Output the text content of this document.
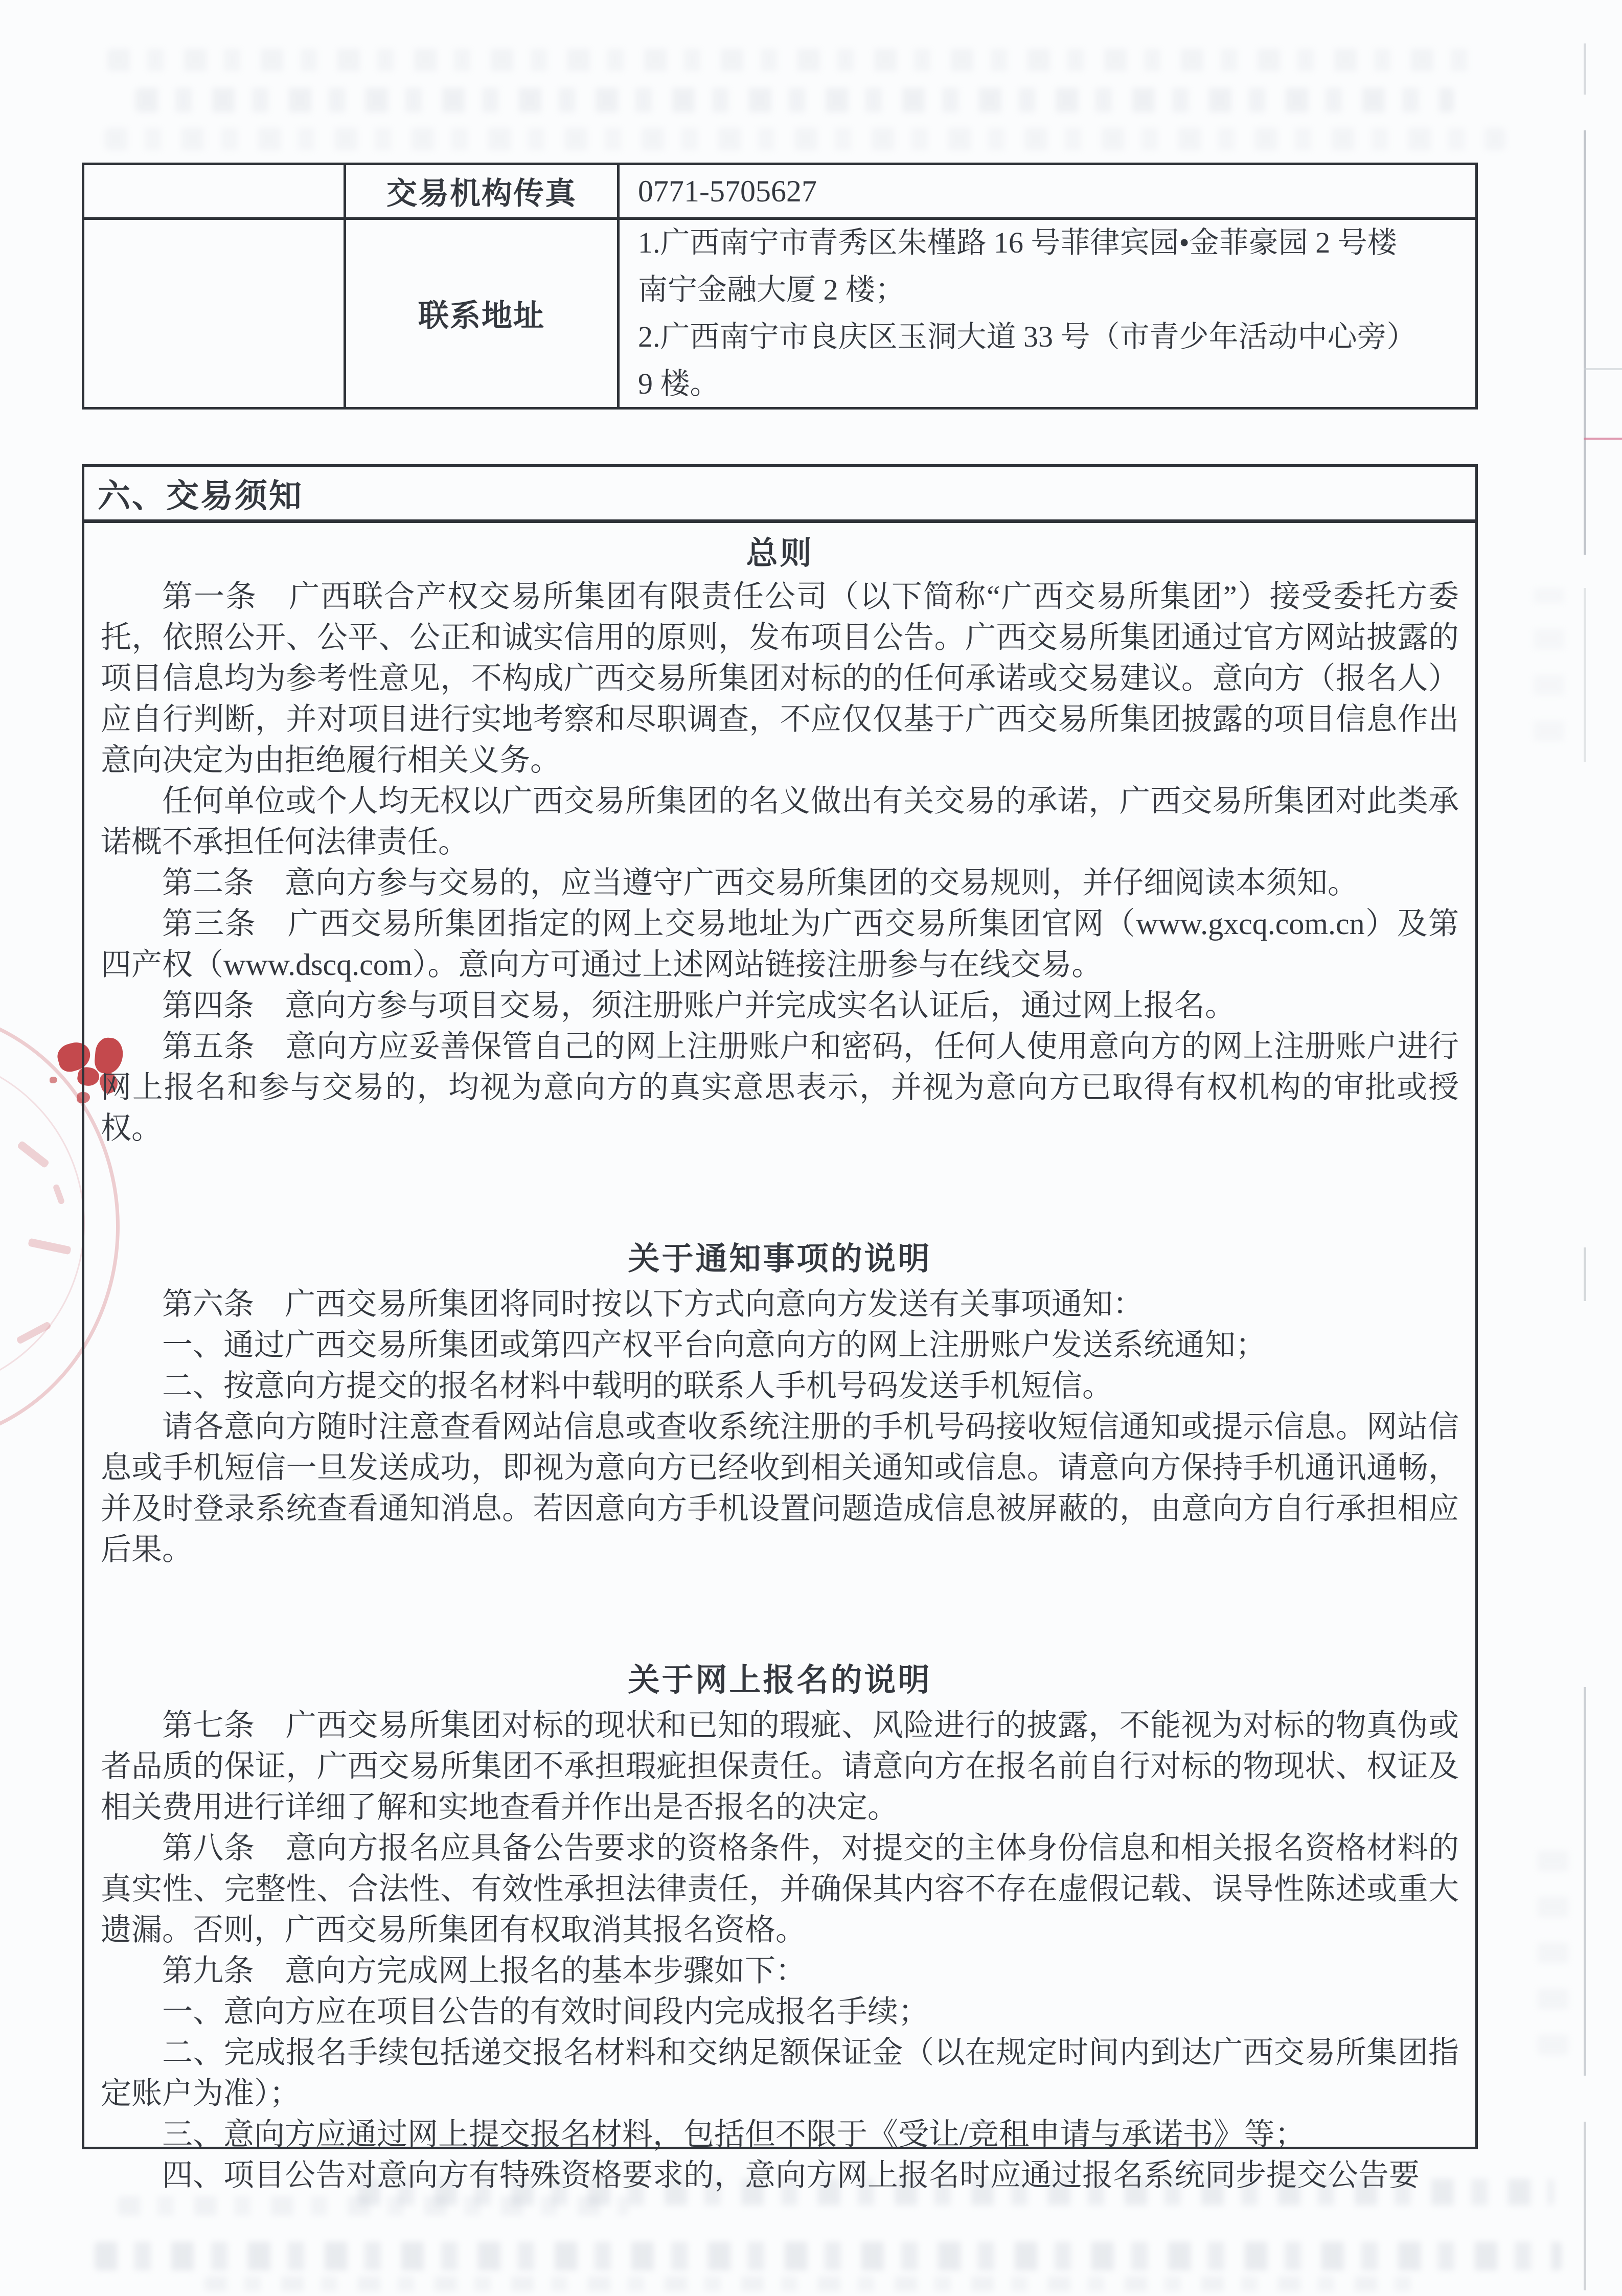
交易机构传真 0771-5705627
联系地址
1.广西南宁市青秀区朱槿路 16 号菲律宾园•金菲豪园 2 号楼
南宁金融大厦 2 楼；
2.广西南宁市良庆区玉洞大道 33 号（市青少年活动中心旁）
9 楼。
六、交易须知
总则
第一条　广西联合产权交易所集团有限责任公司（以下简称“广西交易所集团”）接受委托方委托，依照公开、公平、公正和诚实信用的原则，发布项目公告。广西交易所集团通过官方网站披露的项目信息均为参考性意见，不构成广西交易所集团对标的的任何承诺或交易建议。意向方（报名人）应自行判断，并对项目进行实地考察和尽职调查，不应仅仅基于广西交易所集团披露的项目信息作出意向决定为由拒绝履行相关义务。
任何单位或个人均无权以广西交易所集团的名义做出有关交易的承诺，广西交易所集团对此类承诺概不承担任何法律责任。
第二条　意向方参与交易的，应当遵守广西交易所集团的交易规则，并仔细阅读本须知。
第三条　广西交易所集团指定的网上交易地址为广西交易所集团官网（www.gxcq.com.cn）及第四产权（www.dscq.com）。意向方可通过上述网站链接注册参与在线交易。
第四条　意向方参与项目交易，须注册账户并完成实名认证后，通过网上报名。
第五条　意向方应妥善保管自己的网上注册账户和密码，任何人使用意向方的网上注册账户进行网上报名和参与交易的，均视为意向方的真实意思表示，并视为意向方已取得有权机构的审批或授权。
关于通知事项的说明
第六条　广西交易所集团将同时按以下方式向意向方发送有关事项通知：
一、通过广西交易所集团或第四产权平台向意向方的网上注册账户发送系统通知；
二、按意向方提交的报名材料中载明的联系人手机号码发送手机短信。
请各意向方随时注意查看网站信息或查收系统注册的手机号码接收短信通知或提示信息。网站信息或手机短信一旦发送成功，即视为意向方已经收到相关通知或信息。请意向方保持手机通讯通畅，并及时登录系统查看通知消息。若因意向方手机设置问题造成信息被屏蔽的，由意向方自行承担相应后果。
关于网上报名的说明
第七条　广西交易所集团对标的现状和已知的瑕疵、风险进行的披露，不能视为对标的物真伪或者品质的保证，广西交易所集团不承担瑕疵担保责任。请意向方在报名前自行对标的物现状、权证及相关费用进行详细了解和实地查看并作出是否报名的决定。
第八条　意向方报名应具备公告要求的资格条件，对提交的主体身份信息和相关报名资格材料的真实性、完整性、合法性、有效性承担法律责任，并确保其内容不存在虚假记载、误导性陈述或重大遗漏。否则，广西交易所集团有权取消其报名资格。
第九条　意向方完成网上报名的基本步骤如下：
一、意向方应在项目公告的有效时间段内完成报名手续；
二、完成报名手续包括递交报名材料和交纳足额保证金（以在规定时间内到达广西交易所集团指定账户为准）；
三、意向方应通过网上提交报名材料，包括但不限于《受让/竞租申请与承诺书》等；
四、项目公告对意向方有特殊资格要求的，意向方网上报名时应通过报名系统同步提交公告要
